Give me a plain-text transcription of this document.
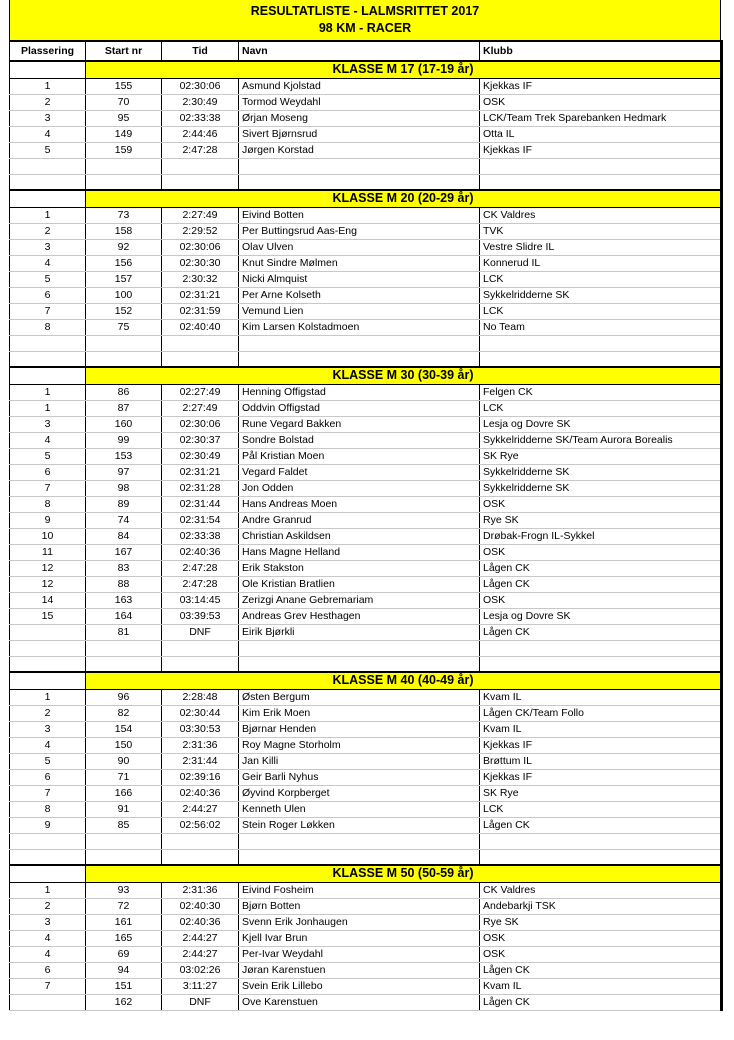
RESULTATLISTE - LALMSRITTET 2017
98 KM - RACER
Plassering	Start nr	Tid	Navn	Klubb
	KLASSE M 17 (17-19 år)			
1	155	02:30:06	Asmund Kjolstad	Kjekkas IF
2	70	2:30:49	Tormod Weydahl	OSK
3	95	02:33:38	Ørjan Moseng	LCK/Team Trek Sparebanken Hedmark
4	149	2:44:46	Sivert Bjørnsrud	Otta IL
5	159	2:47:28	Jørgen Korstad	Kjekkas IF

	KLASSE M 20 (20-29 år)			
1	73	2:27:49	Eivind Botten	CK Valdres
2	158	2:29:52	Per Buttingsrud Aas-Eng	TVK
3	92	02:30:06	Olav Ulven	Vestre Slidre IL
4	156	02:30:30	Knut Sindre Mølmen	Konnerud IL
5	157	2:30:32	Nicki Almquist	LCK
6	100	02:31:21	Per Arne Kolseth	Sykkelridderne SK
7	152	02:31:59	Vemund Lien	LCK
8	75	02:40:40	Kim Larsen Kolstadmoen	No Team

	KLASSE M 30 (30-39 år)			
1	86	02:27:49	Henning Offigstad	Felgen CK
1	87	2:27:49	Oddvin Offigstad	LCK
3	160	02:30:06	Rune Vegard Bakken	Lesja og Dovre SK
4	99	02:30:37	Sondre Bolstad	Sykkelridderne SK/Team Aurora Borealis
5	153	02:30:49	Pål Kristian Moen	SK Rye
6	97	02:31:21	Vegard Faldet	Sykkelridderne SK
7	98	02:31:28	Jon Odden	Sykkelridderne SK
8	89	02:31:44	Hans Andreas Moen	OSK
9	74	02:31:54	Andre Granrud	Rye SK
10	84	02:33:38	Christian Askildsen	Drøbak-Frogn IL-Sykkel
11	167	02:40:36	Hans Magne Helland	OSK
12	83	2:47:28	Erik Stakston	Lågen CK
12	88	2:47:28	Ole Kristian Bratlien	Lågen CK
14	163	03:14:45	Zerizgi Anane Gebremariam	OSK
15	164	03:39:53	Andreas Grev Hesthagen	Lesja og Dovre SK
	81	DNF	Eirik Bjørkli	Lågen CK

	KLASSE M 40 (40-49 år)			
1	96	2:28:48	Østen Bergum	Kvam IL
2	82	02:30:44	Kim Erik Moen	Lågen CK/Team Follo
3	154	03:30:53	Bjørnar Henden	Kvam IL
4	150	2:31:36	Roy Magne Storholm	Kjekkas IF
5	90	2:31:44	Jan Killi	Brøttum IL
6	71	02:39:16	Geir Barli Nyhus	Kjekkas IF
7	166	02:40:36	Øyvind Korpberget	SK Rye
8	91	2:44:27	Kenneth Ulen	LCK
9	85	02:56:02	Stein Roger Løkken	Lågen CK

	KLASSE M 50 (50-59 år)			
1	93	2:31:36	Eivind Fosheim	CK Valdres
2	72	02:40:30	Bjørn Botten	Andebarkji TSK
3	161	02:40:36	Svenn Erik Jonhaugen	Rye SK
4	165	2:44:27	Kjell Ivar Brun	OSK
4	69	2:44:27	Per-Ivar Weydahl	OSK
6	94	03:02:26	Jøran Karenstuen	Lågen CK
7	151	3:11:27	Svein Erik Lillebo	Kvam IL
	162	DNF	Ove Karenstuen	Lågen CK
